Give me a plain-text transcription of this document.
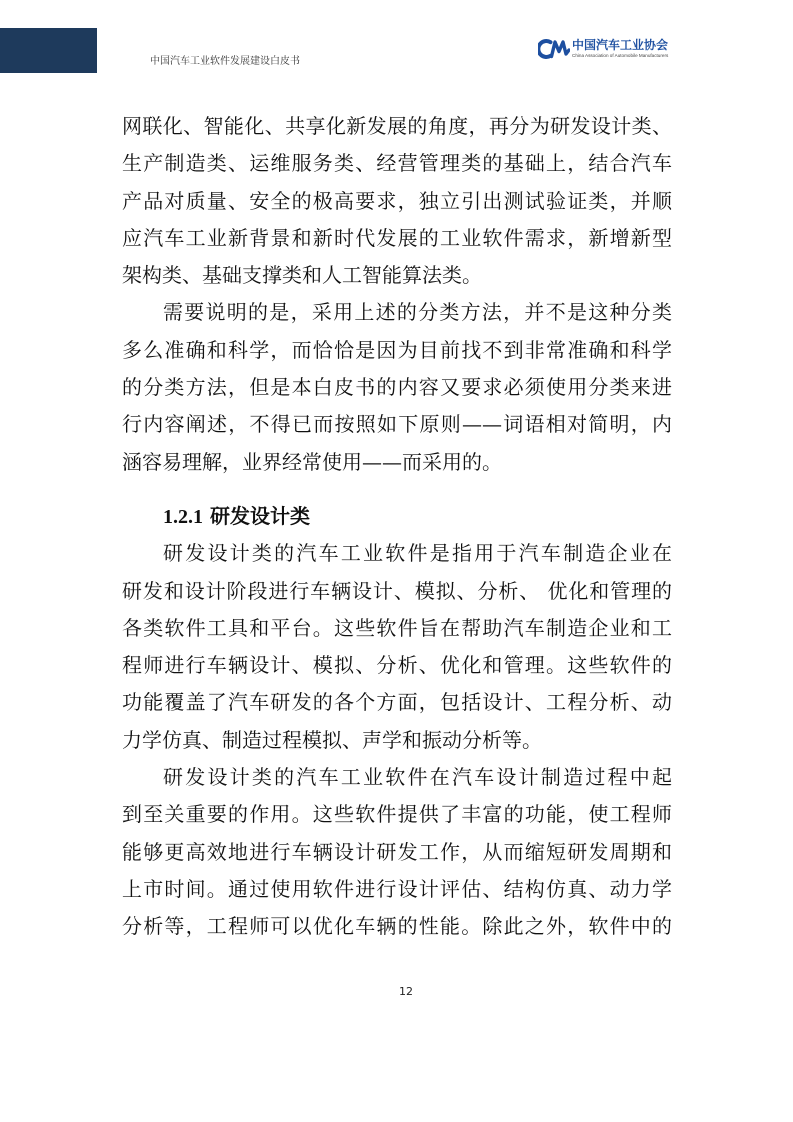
中国汽车工业软件发展建设白皮书
中国汽车工业协会
China Association of Automobile Manufacturers
网联化、智能化、共享化新发展的角度，再分为研发设计类、
生产制造类、运维服务类、经营管理类的基础上，结合汽车
产品对质量、安全的极高要求，独立引出测试验证类，并顺
应汽车工业新背景和新时代发展的工业软件需求，新增新型
架构类、基础支撑类和人工智能算法类。
需要说明的是，采用上述的分类方法，并不是这种分类
多么准确和科学，而恰恰是因为目前找不到非常准确和科学
的分类方法，但是本白皮书的内容又要求必须使用分类来进
行内容阐述，不得已而按照如下原则——词语相对简明，内
涵容易理解，业界经常使用——而采用的。
1.2.1 研发设计类
研发设计类的汽车工业软件是指用于汽车制造企业在
研发和设计阶段进行车辆设计、模拟、分析、 优化和管理的
各类软件工具和平台。这些软件旨在帮助汽车制造企业和工
程师进行车辆设计、模拟、分析、优化和管理。这些软件的
功能覆盖了汽车研发的各个方面，包括设计、工程分析、动
力学仿真、制造过程模拟、声学和振动分析等。
研发设计类的汽车工业软件在汽车设计制造过程中起
到至关重要的作用。这些软件提供了丰富的功能，使工程师
能够更高效地进行车辆设计研发工作，从而缩短研发周期和
上市时间。通过使用软件进行设计评估、结构仿真、动力学
分析等，工程师可以优化车辆的性能。除此之外，软件中的
12
